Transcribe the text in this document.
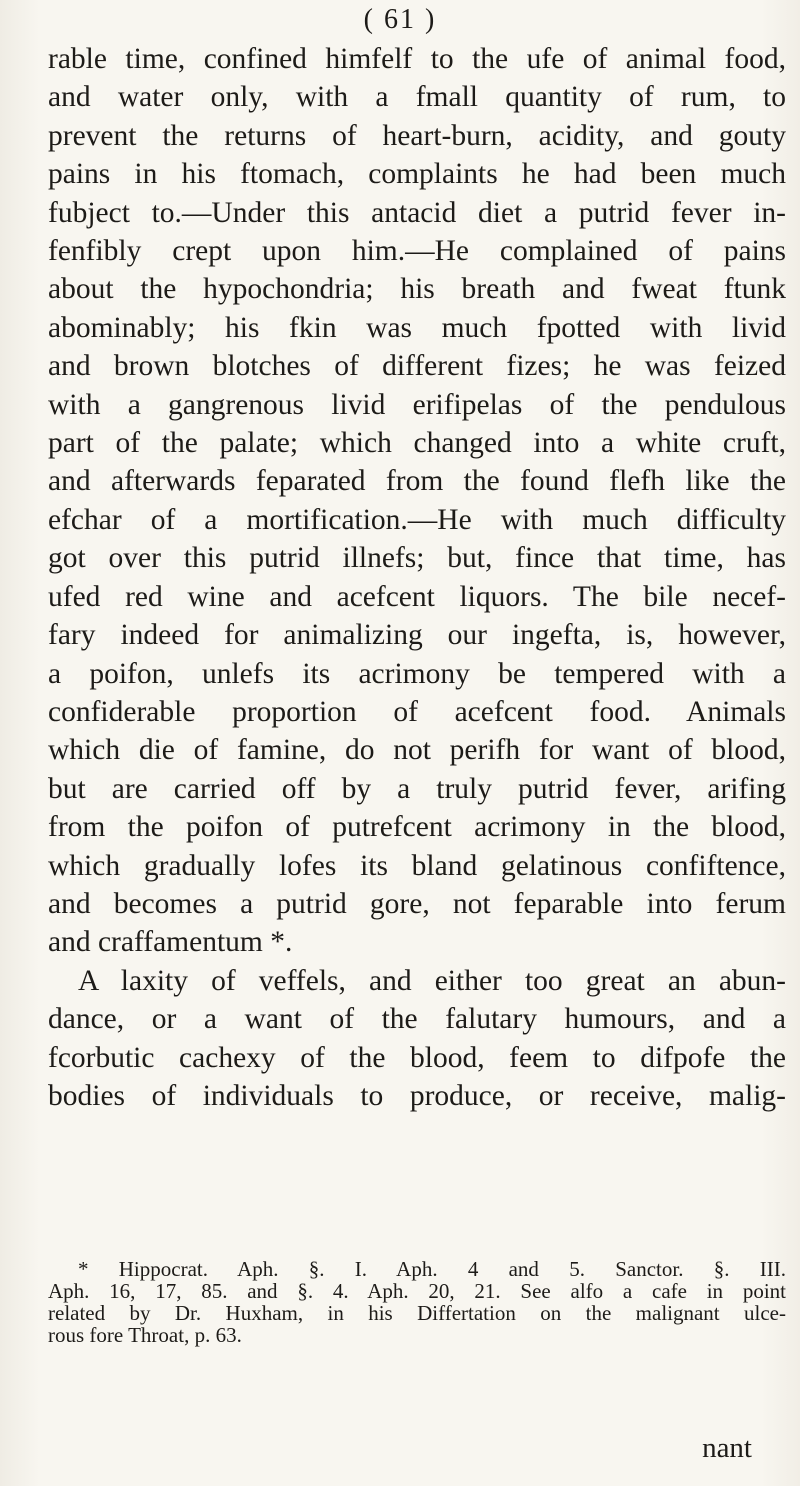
( 61 )
rable time, confined himfelf to the ufe of animal food,
and water only, with a fmall quantity of rum, to
prevent the returns of heart-burn, acidity, and gouty
pains in his ftomach, complaints he had been much
fubject to.—Under this antacid diet a putrid fever in-
fenfibly crept upon him.—He complained of pains
about the hypochondria; his breath and fweat ftunk
abominably; his fkin was much fpotted with livid
and brown blotches of different fizes; he was feized
with a gangrenous livid erifipelas of the pendulous
part of the palate; which changed into a white cruft,
and afterwards feparated from the found flefh like the
efchar of a mortification.—He with much difficulty
got over this putrid illnefs; but, fince that time, has
ufed red wine and acefcent liquors. The bile necef-
fary indeed for animalizing our ingefta, is, however,
a poifon, unlefs its acrimony be tempered with a
confiderable proportion of acefcent food. Animals
which die of famine, do not perifh for want of blood,
but are carried off by a truly putrid fever, arifing
from the poifon of putrefcent acrimony in the blood,
which gradually lofes its bland gelatinous confiftence,
and becomes a putrid gore, not feparable into ferum
and craffamentum *.
A laxity of veffels, and either too great an abun-
dance, or a want of the falutary humours, and a
fcorbutic cachexy of the blood, feem to difpofe the
bodies of individuals to produce, or receive, malig-
* Hippocrat. Aph. §. I. Aph. 4 and 5. Sanctor. §. III.
Aph. 16, 17, 85. and §. 4. Aph. 20, 21. See alfo a cafe in point
related by Dr. Huxham, in his Differtation on the malignant ulce-
rous fore Throat, p. 63.
nant
